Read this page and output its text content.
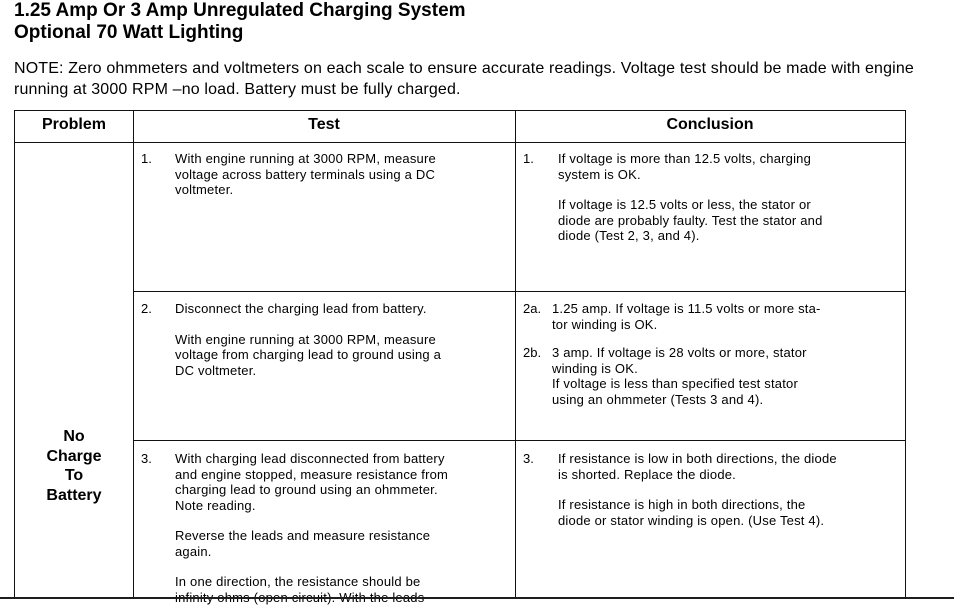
1.25 Amp Or 3 Amp Unregulated Charging System
Optional 70 Watt Lighting
NOTE: Zero ohmmeters and voltmeters on each scale to ensure accurate readings. Voltage test should be made with engine running at 3000 RPM –no load. Battery must be fully charged.
Problem	Test	Conclusion
No
Charge
To
Battery
1. With engine running at 3000 RPM, measure
voltage across battery terminals using a DC
voltmeter.
1. If voltage is more than 12.5 volts, charging
system is OK.
If voltage is 12.5 volts or less, the stator or
diode are probably faulty. Test the stator and
diode (Test 2, 3, and 4).
2. Disconnect the charging lead from battery.
With engine running at 3000 RPM, measure
voltage from charging lead to ground using a
DC voltmeter.
2a. 1.25 amp. If voltage is 11.5 volts or more sta-
tor winding is OK.
2b. 3 amp. If voltage is 28 volts or more, stator
winding is OK.
If voltage is less than specified test stator
using an ohmmeter (Tests 3 and 4).
3. With charging lead disconnected from battery
and engine stopped, measure resistance from
charging lead to ground using an ohmmeter.
Note reading.
Reverse the leads and measure resistance
again.
In one direction, the resistance should be

3. If resistance is low in both directions, the diode
is shorted. Replace the diode.
If resistance is high in both directions, the
diode or stator winding is open. (Use Test 4).
